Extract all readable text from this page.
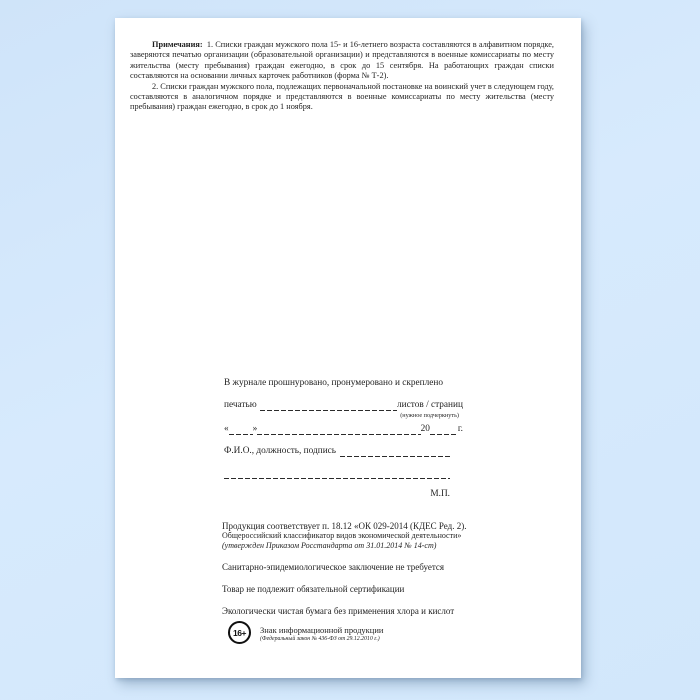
Примечания: 1. Списки граждан мужского пола 15- и 16-летнего возраста составляются в алфавитном порядке, заверяются печатью организации (образовательной организации) и представляются в военные комиссариаты по месту жительства (месту пребывания) граждан ежегодно, в срок до 15 сентября. На работающих граждан списки составляются на основании личных карточек работников (форма № Т-2).

2. Списки граждан мужского пола, подлежащих первоначальной постановке на воинский учет в следующем году, составляются в аналогичном порядке и представляются в военные комиссариаты по месту жительства (месту пребывания) граждан ежегодно, в срок до 1 ноября.

В журнале прошнуровано, пронумеровано и скреплено
печатью	листов / страниц
(нужное подчеркнуть)
«	»	20	г.
Ф.И.О., должность, подпись
М.П.
Продукция соответствует п. 18.12 «ОК 029-2014 (КДЕС Ред. 2).
Общероссийский классификатор видов экономической деятельности»
(утвержден Приказом Росстандарта от 31.01.2014 № 14-ст)
Санитарно-эпидемиологическое заключение не требуется
Товар не подлежит обязательной сертификации
Экологически чистая бумага без применения хлора и кислот
16+	Знак информационной продукции
(Федеральный закон № 436-ФЗ от 29.12.2010 г.)
